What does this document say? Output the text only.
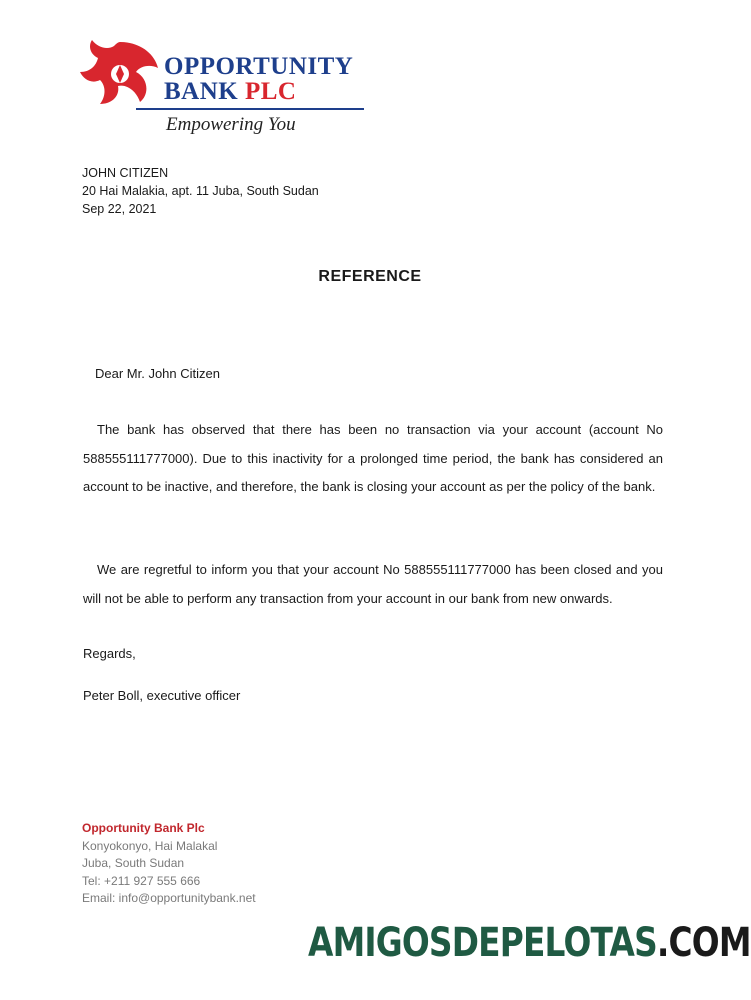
OPPORTUNITY
BANK PLC
Empowering You
JOHN CITIZEN
20 Hai Malakia, apt. 11 Juba, South Sudan
Sep 22, 2021
REFERENCE
Dear Mr. John Citizen
The bank has observed that there has been no transaction via your account (account No 588555111777000). Due to this inactivity for a prolonged time period, the bank has considered an account to be inactive, and therefore, the bank is closing your account as per the policy of the bank.
We are regretful to inform you that your account No 588555111777000 has been closed and you will not be able to perform any transaction from your account in our bank from new onwards.
Regards,
Peter Boll, executive officer
Opportunity Bank Plc
Konyokonyo, Hai Malakal
Juba, South Sudan
Tel: +211 927 555 666
Email: info@opportunitybank.net
AMIGOSDEPELOTAS.COM
